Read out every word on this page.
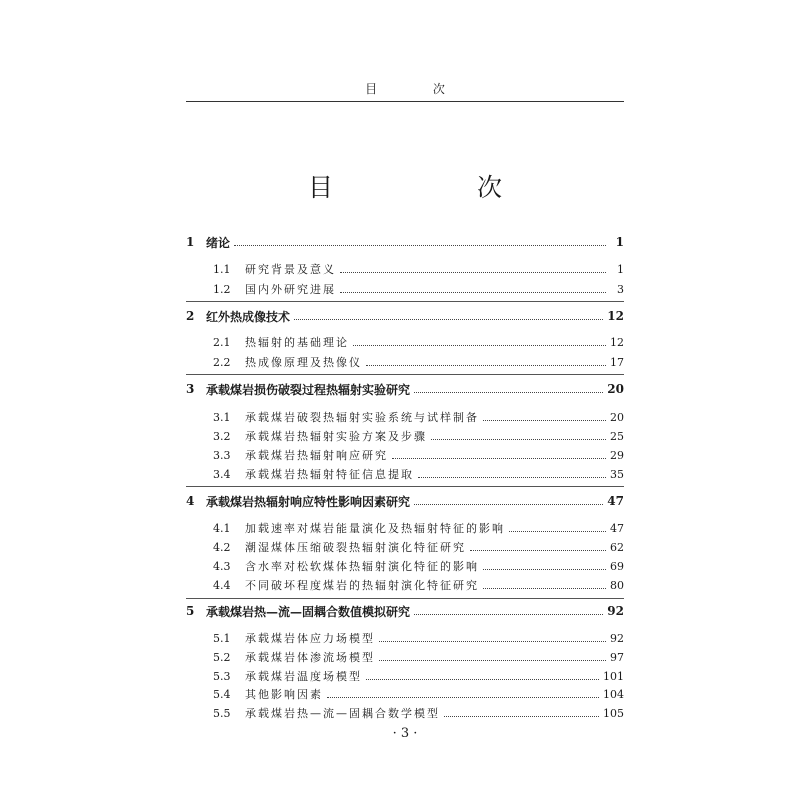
目 次
目 次
1 绪论	1
1.1	研究背景及意义	1
1.2	国内外研究进展	3
2 红外热成像技术	12
2.1	热辐射的基础理论	12
2.2	热成像原理及热像仪	17
3 承载煤岩损伤破裂过程热辐射实验研究	20
3.1	承载煤岩破裂热辐射实验系统与试样制备	20
3.2	承载煤岩热辐射实验方案及步骤	25
3.3	承载煤岩热辐射响应研究	29
3.4	承载煤岩热辐射特征信息提取	35
4 承载煤岩热辐射响应特性影响因素研究	47
4.1	加载速率对煤岩能量演化及热辐射特征的影响	47
4.2	潮湿煤体压缩破裂热辐射演化特征研究	62
4.3	含水率对松软煤体热辐射演化特征的影响	69
4.4	不同破坏程度煤岩的热辐射演化特征研究	80
5 承载煤岩热—流—固耦合数值模拟研究	92
5.1	承载煤岩体应力场模型	92
5.2	承载煤岩体渗流场模型	97
5.3	承载煤岩温度场模型	101
5.4	其他影响因素	104
5.5	承载煤岩热—流—固耦合数学模型	105
· 3 ·
